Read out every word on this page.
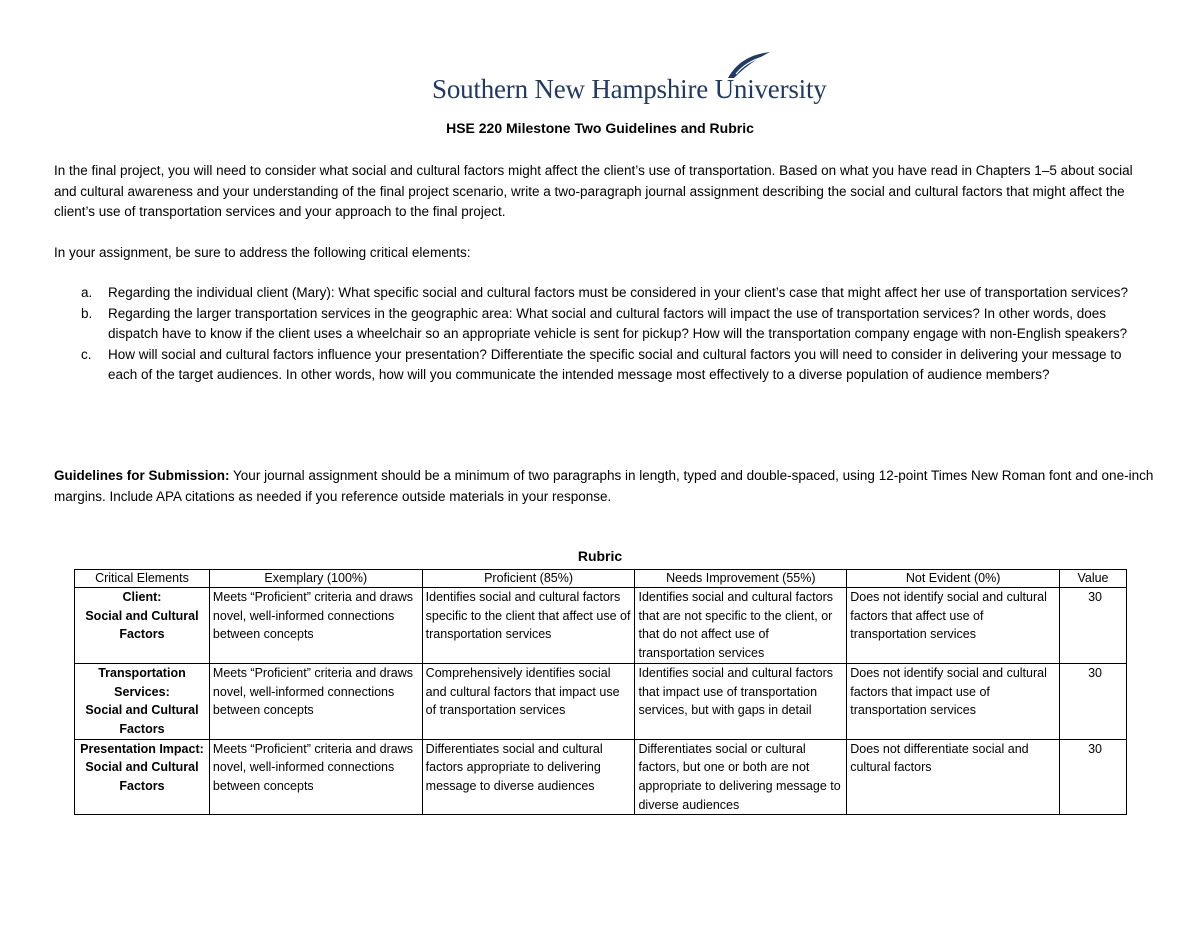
Southern New Hampshire University
HSE 220 Milestone Two Guidelines and Rubric
In the final project, you will need to consider what social and cultural factors might affect the client’s use of transportation. Based on what you have read in Chapters 1–5 about social and cultural awareness and your understanding of the final project scenario, write a two-paragraph journal assignment describing the social and cultural factors that might affect the client’s use of transportation services and your approach to the final project.
In your assignment, be sure to address the following critical elements:
a. Regarding the individual client (Mary): What specific social and cultural factors must be considered in your client’s case that might affect her use of transportation services?
b. Regarding the larger transportation services in the geographic area: What social and cultural factors will impact the use of transportation services? In other words, does dispatch have to know if the client uses a wheelchair so an appropriate vehicle is sent for pickup? How will the transportation company engage with non-English speakers?
c. How will social and cultural factors influence your presentation? Differentiate the specific social and cultural factors you will need to consider in delivering your message to each of the target audiences. In other words, how will you communicate the intended message most effectively to a diverse population of audience members?
Guidelines for Submission: Your journal assignment should be a minimum of two paragraphs in length, typed and double-spaced, using 12-point Times New Roman font and one-inch margins. Include APA citations as needed if you reference outside materials in your response.
Rubric
Critical Elements	Exemplary (100%)	Proficient (85%)	Needs Improvement (55%)	Not Evident (0%)	Value
Client:
Social and Cultural Factors	Meets “Proficient” criteria and draws novel, well-informed connections between concepts	Identifies social and cultural factors specific to the client that affect use of transportation services	Identifies social and cultural factors that are not specific to the client, or that do not affect use of transportation services	Does not identify social and cultural factors that affect use of transportation services	30
Transportation Services:
Social and Cultural Factors	Meets “Proficient” criteria and draws novel, well-informed connections between concepts	Comprehensively identifies social and cultural factors that impact use of transportation services	Identifies social and cultural factors that impact use of transportation services, but with gaps in detail	Does not identify social and cultural factors that impact use of transportation services	30
Presentation Impact:
Social and Cultural Factors	Meets “Proficient” criteria and draws novel, well-informed connections between concepts	Differentiates social and cultural factors appropriate to delivering message to diverse audiences	Differentiates social or cultural factors, but one or both are not appropriate to delivering message to diverse audiences	Does not differentiate social and cultural factors	30
